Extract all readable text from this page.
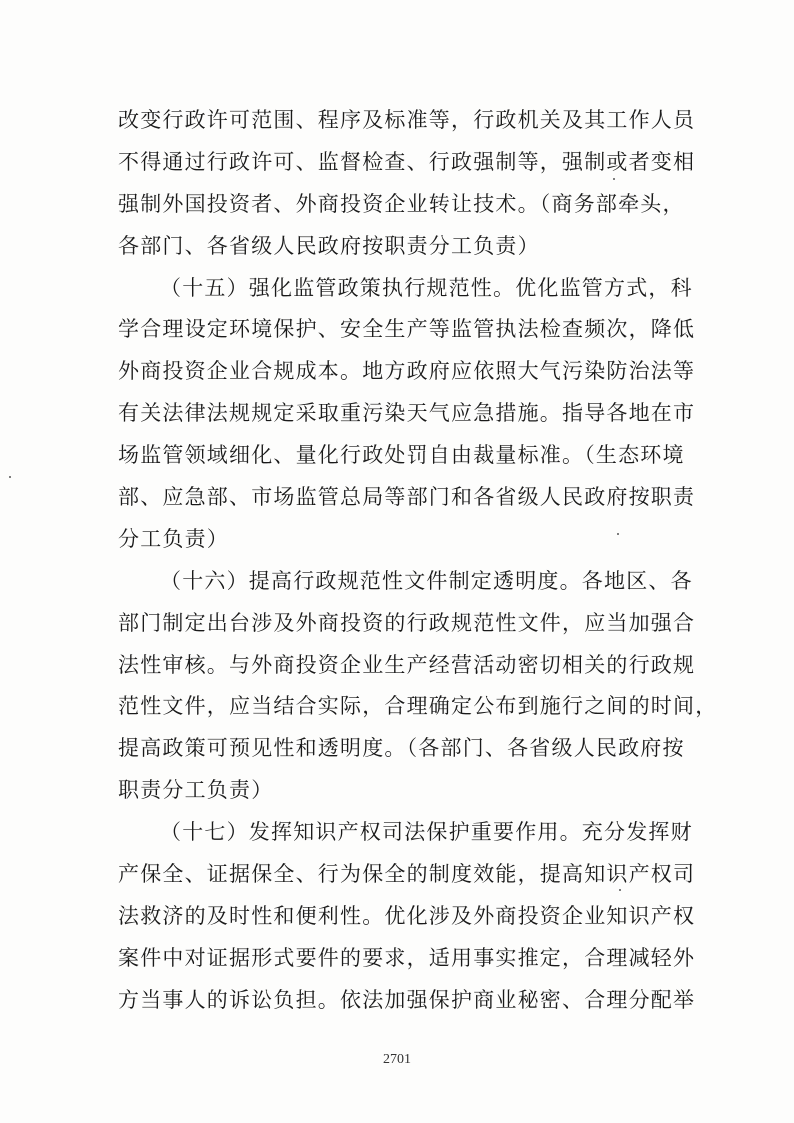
改变行政许可范围、程序及标准等，行政机关及其工作人员
不得通过行政许可、监督检查、行政强制等，强制或者变相
强制外国投资者、外商投资企业转让技术。（商务部牵头，
各部门、各省级人民政府按职责分工负责）
（十五）强化监管政策执行规范性。优化监管方式，科
学合理设定环境保护、安全生产等监管执法检查频次，降低
外商投资企业合规成本。地方政府应依照大气污染防治法等
有关法律法规规定采取重污染天气应急措施。指导各地在市
场监管领域细化、量化行政处罚自由裁量标准。（生态环境
部、应急部、市场监管总局等部门和各省级人民政府按职责
分工负责）
（十六）提高行政规范性文件制定透明度。各地区、各
部门制定出台涉及外商投资的行政规范性文件，应当加强合
法性审核。与外商投资企业生产经营活动密切相关的行政规
范性文件，应当结合实际，合理确定公布到施行之间的时间，
提高政策可预见性和透明度。（各部门、各省级人民政府按
职责分工负责）
（十七）发挥知识产权司法保护重要作用。充分发挥财
产保全、证据保全、行为保全的制度效能，提高知识产权司
法救济的及时性和便利性。优化涉及外商投资企业知识产权
案件中对证据形式要件的要求，适用事实推定，合理减轻外
方当事人的诉讼负担。依法加强保护商业秘密、合理分配举
2701
